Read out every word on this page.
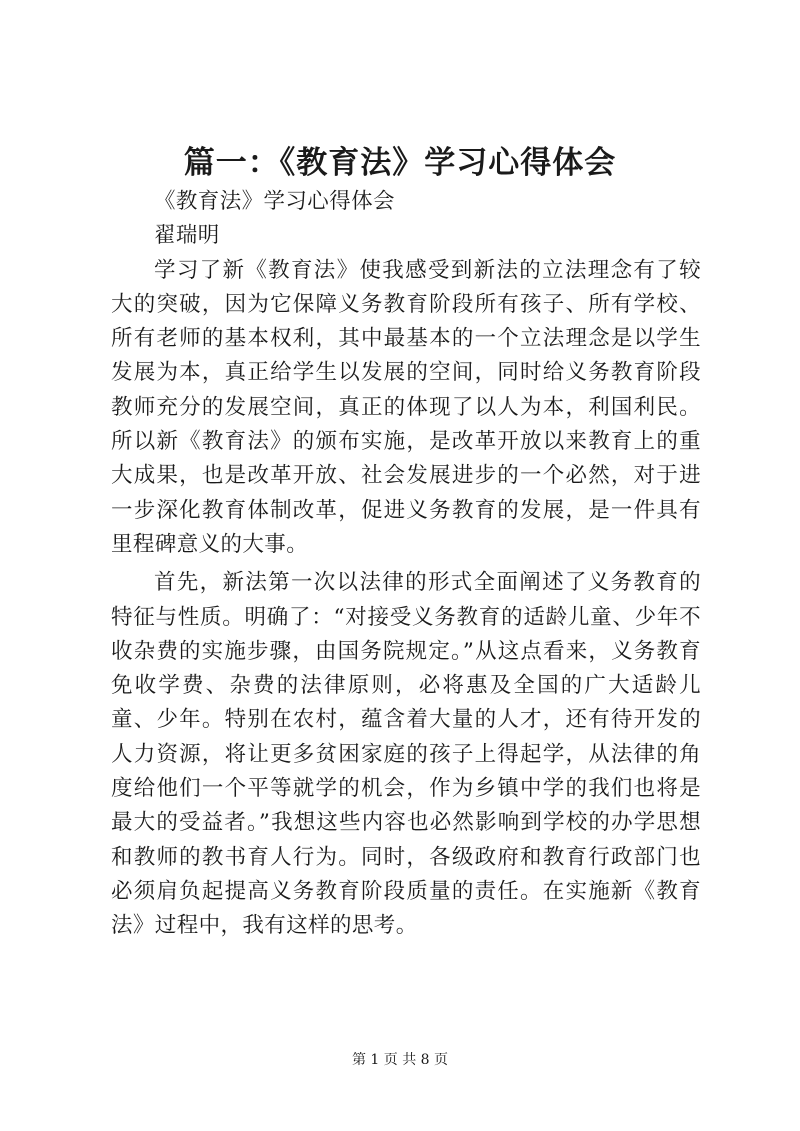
篇一：《教育法》学习心得体会

《教育法》学习心得体会

翟瑞明

学习了新《教育法》使我感受到新法的立法理念有了较大的突破，因为它保障义务教育阶段所有孩子、所有学校、所有老师的基本权利，其中最基本的一个立法理念是以学生发展为本，真正给学生以发展的空间，同时给义务教育阶段教师充分的发展空间，真正的体现了以人为本，利国利民。所以新《教育法》的颁布实施，是改革开放以来教育上的重大成果，也是改革开放、社会发展进步的一个必然，对于进一步深化教育体制改革，促进义务教育的发展，是一件具有里程碑意义的大事。

首先，新法第一次以法律的形式全面阐述了义务教育的特征与性质。明确了：“对接受义务教育的适龄儿童、少年不收杂费的实施步骤，由国务院规定。”从这点看来，义务教育免收学费、杂费的法律原则，必将惠及全国的广大适龄儿童、少年。特别在农村，蕴含着大量的人才，还有待开发的人力资源，将让更多贫困家庭的孩子上得起学，从法律的角度给他们一个平等就学的机会，作为乡镇中学的我们也将是最大的受益者。”我想这些内容也必然影响到学校的办学思想和教师的教书育人行为。同时，各级政府和教育行政部门也必须肩负起提高义务教育阶段质量的责任。在实施新《教育法》过程中，我有这样的思考。

第 1 页 共 8 页
